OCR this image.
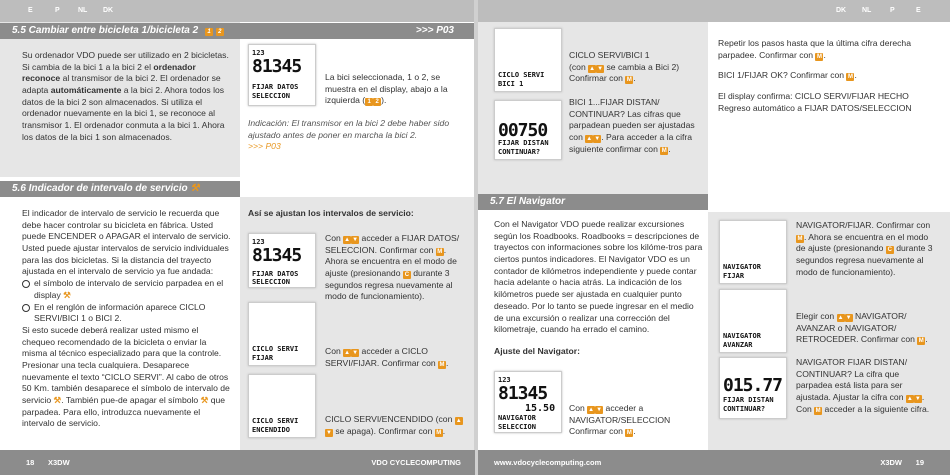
E	P	NL DK	DK NL	P	E
5.5 Cambiar entre bicicleta 1/bicicleta 2 1 2	>>> P03

Su ordenador VDO puede ser utilizado en 2 bicicletas. Si cambia de la bici 1 a la bici 2 el ordenador reconoce al transmisor de la bici 2. El ordenador se adapta automáticamente a la bici 2. Ahora todos los datos de la bici 2 son almacenados. Si utiliza el ordenador nuevamente en la bici 1, se reconoce al transmisor 1. El ordenador conmuta a la bici 1. Ahora los datos de la bici 1 son almacenados.

123
81345
FIJAR DATOS
SELECCION
La bici seleccionada, 1 o 2, se muestra en el display, abajo a la izquierda ( 1 2 ).

Indicación: El transmisor en la bici 2 debe haber sido ajustado antes de poner en marcha la bici 2.

>>> P03

5.6 Indicador de intervalo de servicio ⚒

El indicador de intervalo de servicio le recuerda que debe hacer controlar su bicicleta en fábrica. Usted puede ENCENDER o APAGAR el intervalo de servicio. Usted puede ajustar intervalos de servicio individuales para las dos bicicletas. Si la distancia del trayecto ajustada en el intervalo de servicio ya fue andada:

el símbolo de intervalo de servicio parpadea en el display ⚒

En el renglón de información aparece CICLO SERVI/BICI 1 o BICI 2.

Si esto sucede deberá realizar usted mismo el chequeo recomendado de la bicicleta o enviar la misma al técnico especializado para que la controle. Presionar una tecla cualquiera. Desaparece nuevamente el texto “CICLO SERVI”. Al cabo de otros 50 Km. también desaparece el símbolo de intervalo de servicio ⚒. También pue-de apagar el símbolo ⚒ que parpadea. Para ello, introduzca nuevamente el intervalo de servicio.

Así se ajustan los intervalos de servicio:
123
81345
FIJAR DATOS
SELECCION
Con ▲ ▼ acceder a FIJAR DATOS/ SELECCION. Confirmar con M . Ahora se encuentra en el modo de ajuste (presionando C durante 3 segundos regresa nuevamente al modo de funcionamiento).
CICLO SERVI
FIJAR
Con ▲ ▼ acceder a CICLO SERVI/FIJAR. Confirmar con M .
CICLO SERVI
ENCENDIDO
CICLO SERVI/ENCENDIDO (con ▲▼ se apaga). Confirmar con M .
CICLO SERVI
BICI 1

CICLO SERVI/BICI 1

(con ▲ ▼ se cambia a Bici 2)

Confirmar con M .

00750
FIJAR DISTAN
CONTINUAR?
BICI 1...FIJAR DISTAN/ CONTINUAR? Las cifras que parpadean pueden ser ajustadas con ▲ ▼. Para acceder a la cifra siguiente confirmar con M .

Repetir los pasos hasta que la última cifra derecha parpadee. Confirmar con M .

BICI 1/FIJAR OK? Confirmar con M .

El display confirma: CICLO SERVI/FIJAR HECHO Regreso automático a FIJAR DATOS/SELECCION

5.7 El Navigator

Con el Navigator VDO puede realizar excursiones según los Roadbooks. Roadbooks = descripciones de trayectos con informaciones sobre los kilóme-tros para ciertos puntos indicadores. El Navigator VDO es un contador de kilómetros independiente y puede contar hacia adelante o hacia atrás. La indicación de los kilómetros puede ser ajustada en cualquier punto deseado. Por lo tanto se puede ingresar en el medio de una excursión o realizar una corrección del kilometraje, cuando ha errado el camino.

Ajuste del Navigator:

123
81345
15.50
NAVIGATOR
SELECCION
Con ▲ ▼ acceder a NAVIGATOR/SELECCION Confirmar con M .
NAVIGATOR
FIJAR
NAVIGATOR/FIJAR. Confirmar con M . Ahora se encuentra en el modo de ajuste (presionando C durante 3 segundos regresa nuevamente al modo de funcionamiento).
NAVIGATOR
AVANZAR
Elegir con ▲ ▼ NAVIGATOR/ AVANZAR o NAVIGATOR/ RETROCEDER. Confirmar con M .
015.77
FIJAR DISTAN
CONTINUAR?
NAVIGATOR FIJAR DISTAN/ CONTINUAR? La cifra que parpadea está lista para ser ajustada. Ajustar la cifra con ▲ ▼. Con M acceder a la siguiente cifra.
18 X3DW	VDO CYCLECOMPUTING	www.vdocyclecomputing.com	X3DW 19
